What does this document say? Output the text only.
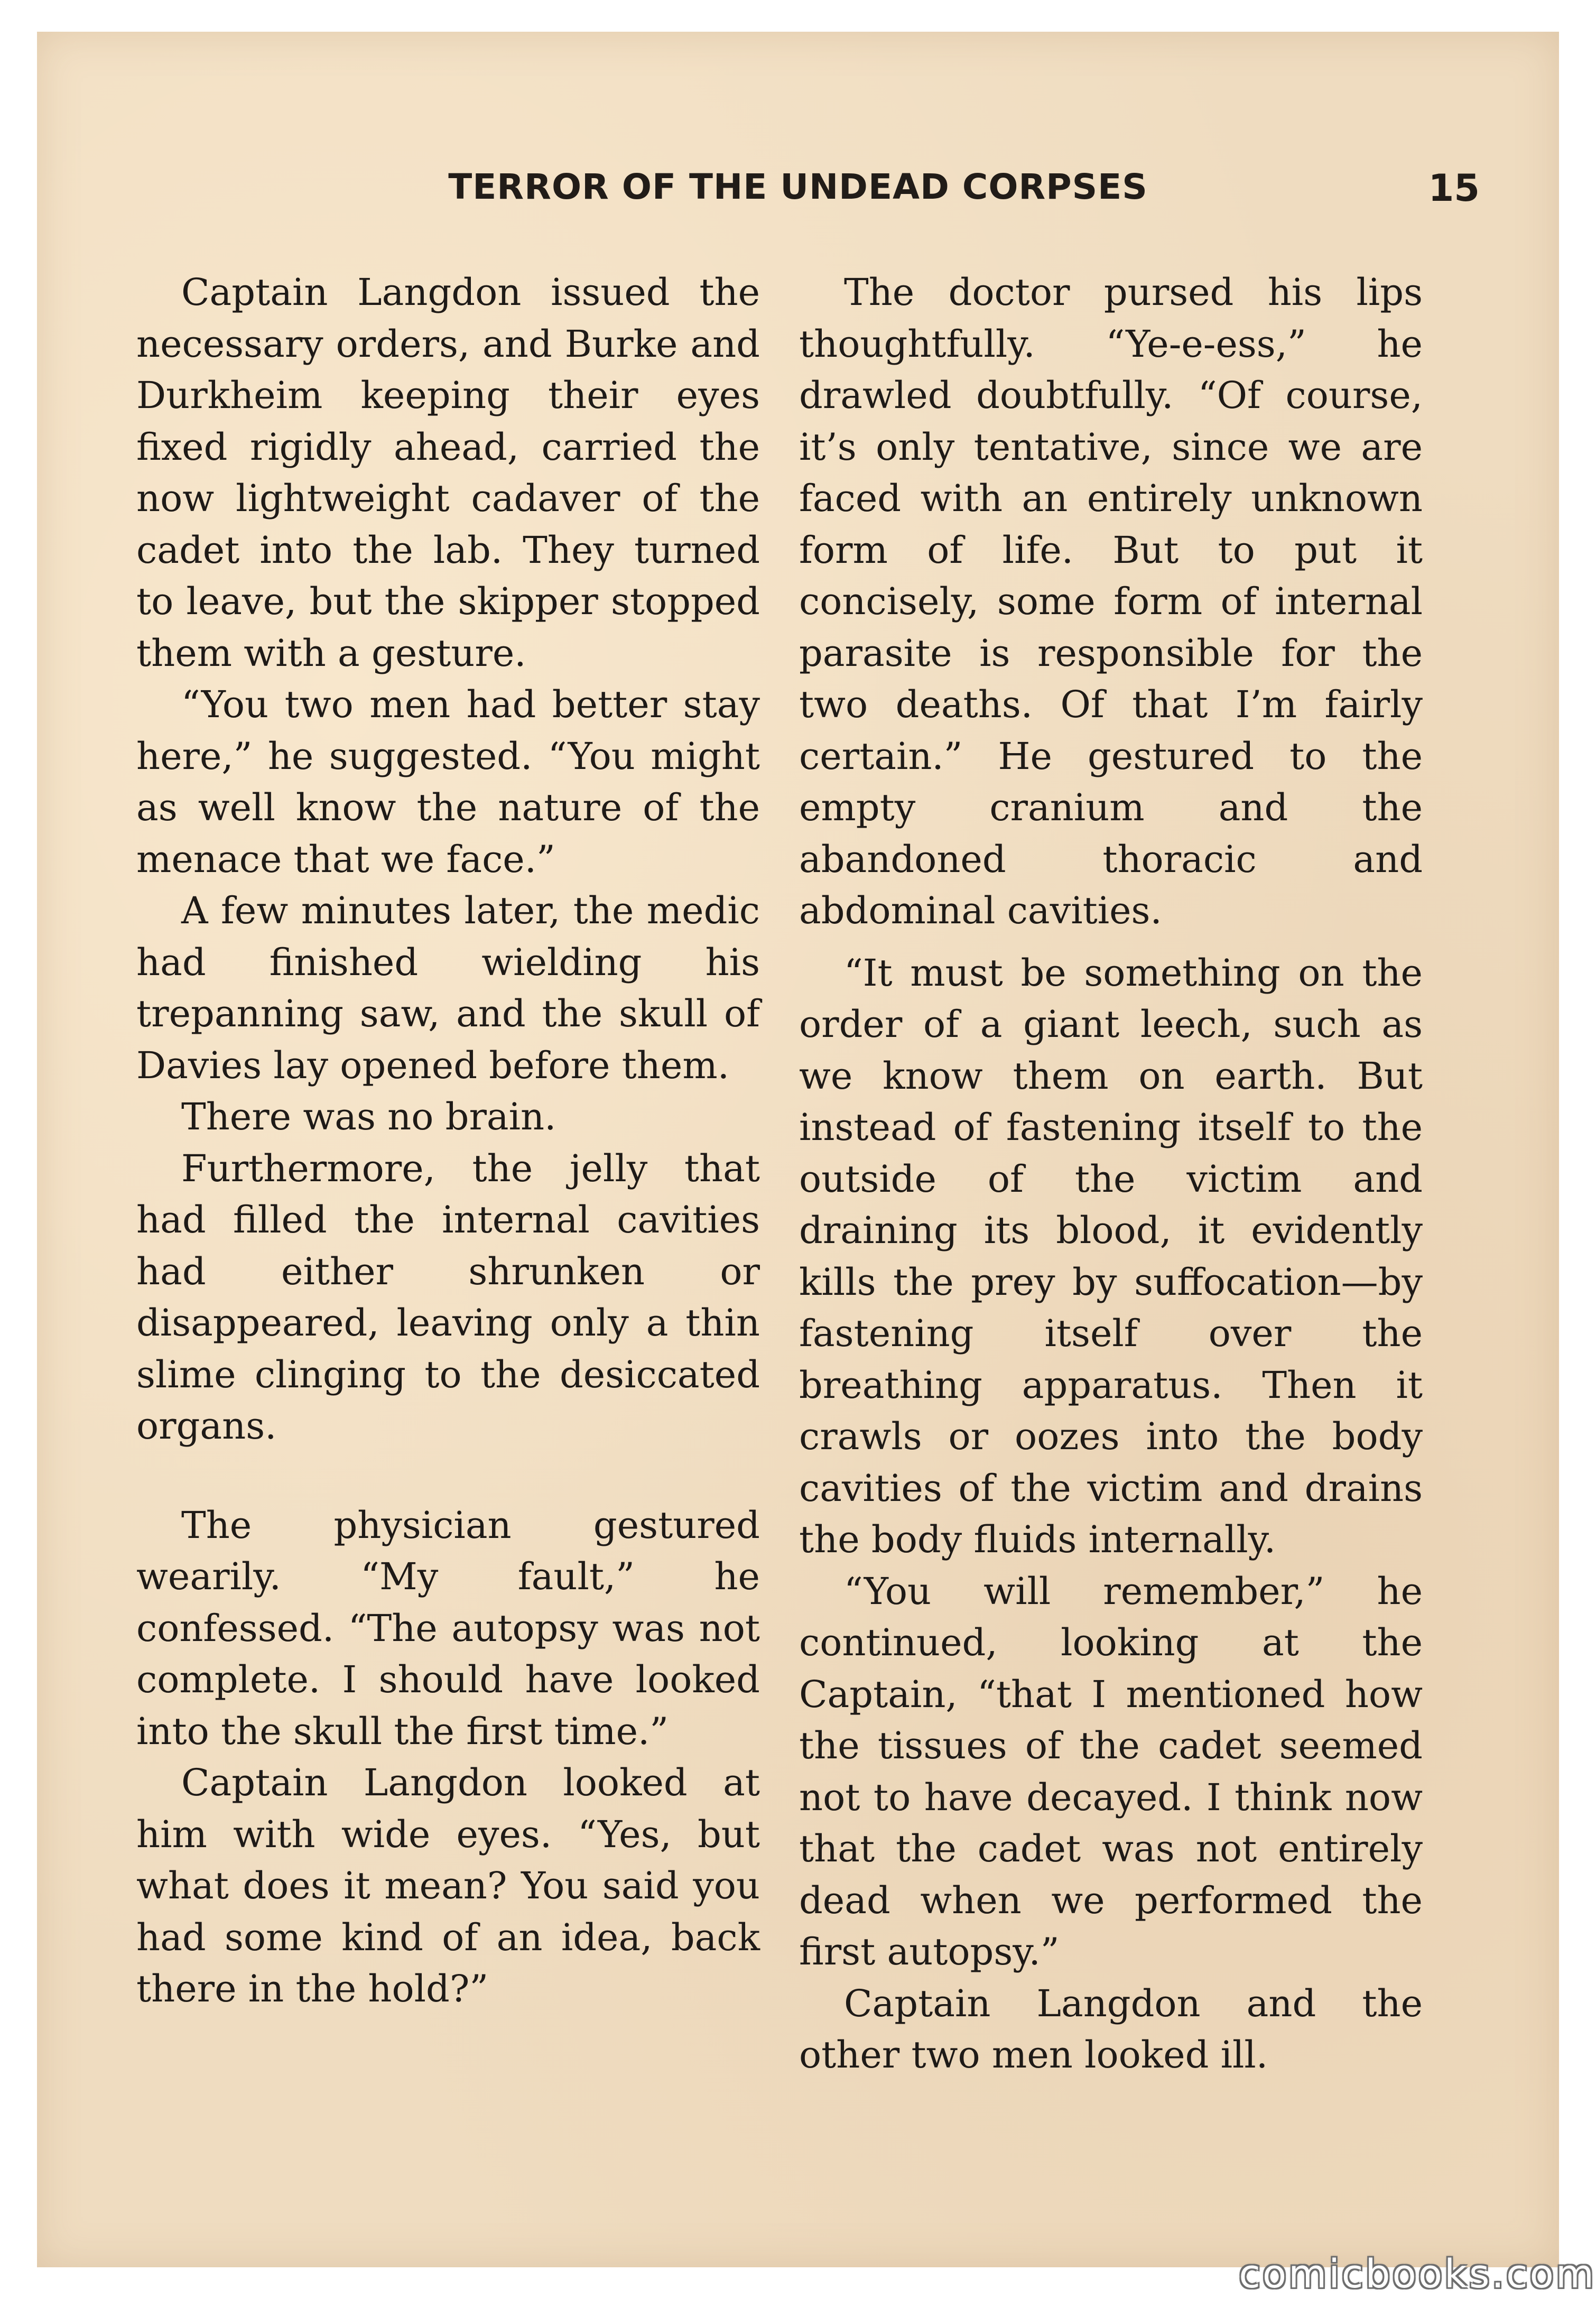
TERROR OF THE UNDEAD CORPSES	15

Captain Langdon issued the necessary orders, and Burke and Durkheim keeping their eyes fixed rigidly ahead, carried the now lightweight cadaver of the cadet into the lab. They turned to leave, but the skipper stopped them with a gesture.

“You two men had better stay here,” he suggested. “You might as well know the nature of the menace that we face.”

A few minutes later, the medic had finished wielding his trepanning saw, and the skull of Davies lay opened before them.

There was no brain.

Furthermore, the jelly that had filled the internal cavities had either shrunken or disappeared, leaving only a thin slime clinging to the desiccated organs.

The physician gestured wearily. “My fault,” he confessed. “The autopsy was not complete. I should have looked into the skull the first time.”

Captain Langdon looked at him with wide eyes. “Yes, but what does it mean? You said you had some kind of an idea, back there in the hold?”

The doctor pursed his lips thoughtfully. “Ye-e-ess,” he drawled doubtfully. “Of course, it’s only tentative, since we are faced with an entirely unknown form of life. But to put it concisely, some form of internal parasite is responsible for the two deaths. Of that I’m fairly certain.” He gestured to the empty cranium and the abandoned thoracic and abdominal cavities.

“It must be something on the order of a giant leech, such as we know them on earth. But instead of fastening itself to the outside of the victim and draining its blood, it evidently kills the prey by suffocation—by fastening itself over the breathing apparatus. Then it crawls or oozes into the body cavities of the victim and drains the body fluids internally.

“You will remember,” he continued, looking at the Captain, “that I mentioned how the tissues of the cadet seemed not to have decayed. I think now that the cadet was not entirely dead when we performed the first autopsy.”

Captain Langdon and the other two men looked ill.

comicbooks.com
